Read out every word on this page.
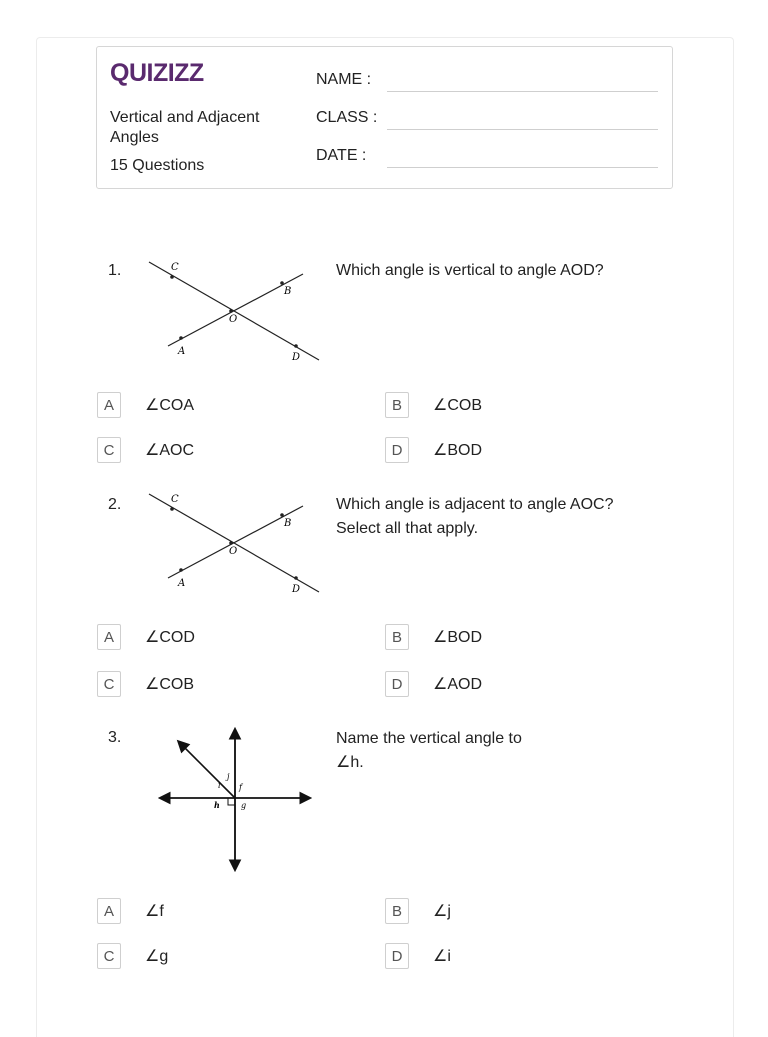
QUIZIZZ
Vertical and Adjacent Angles
15 Questions
NAME :
CLASS :
DATE :
1.	C
B
O
A
D
Which angle is vertical to angle AOD?
A	∠COA	B	∠COB
C	∠AOC	D	∠BOD
2.	C
B
O
A
D
Which angle is adjacent to angle AOC? Select all that apply.
A	∠COD	B	∠BOD
C	∠COB	D	∠AOD
3.
j
i f
h	g
Name the vertical angle to ∠h.
A	∠f	B	∠j
C	∠g	D	∠i
